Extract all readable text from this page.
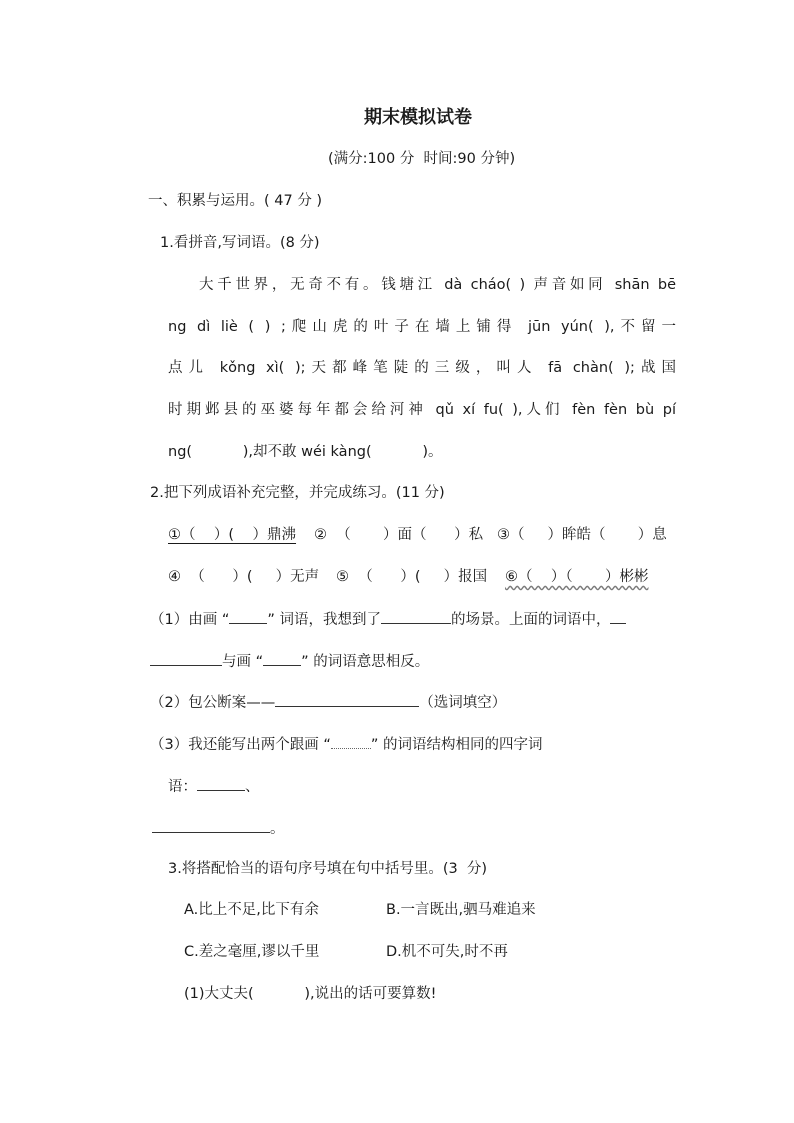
期末模拟试卷
(满分:100 分  时间:90 分钟)
一、积累与运用。( 47 分 )
1.看拼音,写词语。(8 分)
大千世界，无奇不有。钱塘江 dà cháo( ) 声音如同 shān bē
ng dì liè ( ) ;爬山虎的叶子在墙上铺得 jūn yún( ),不留一
点儿 kǒng xì( );天都峰笔陡的三级，叫人 fā chàn( );战国
时期邺县的巫婆每年都会给河神 qǔ xí fu( ),人们 fèn fèn bù pí
ng(           ),却不敢 wéi kàng(           )。
2.把下列成语补充完整，并完成练习。(11 分)
①（    ）(    ）鼎沸 ②  （       ）面（      ）私 ③（     ）眸皓（       ）息
④  （      ）(     ）无声 ⑤  （      ）(     ）报国 ⑥（    ）（       ）彬彬
（1）由画 “	” 词语，我想到了	的场景。上面的词语中，
与画 “	” 的词语意思相反。
（2）包公断案——	（选词填空）
（3）我还能写出两个跟画 “	” 的词语结构相同的四字词
语：	、
。
3.将搭配恰当的语句序号填在句中括号里。(3  分)
A.比上不足,比下有余	B.一言既出,驷马难追来
C.差之毫厘,谬以千里	D.机不可失,时不再
(1)大丈夫(           ),说出的话可要算数!
